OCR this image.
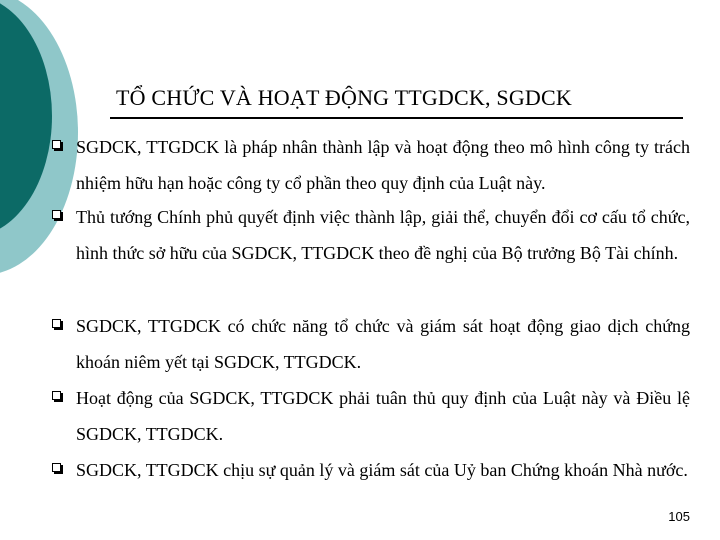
TỔ CHỨC VÀ HOẠT ĐỘNG TTGDCK, SGDCK
SGDCK, TTGDCK là pháp nhân thành lập và hoạt động theo mô hình công ty trách nhiệm hữu hạn hoặc công ty cổ phần theo quy định của Luật này.
Thủ tướng Chính phủ quyết định việc thành lập, giải thể, chuyển đổi cơ cấu tổ chức, hình thức sở hữu của SGDCK, TTGDCK theo đề nghị của Bộ trưởng Bộ Tài chính.
SGDCK, TTGDCK có chức năng tổ chức và giám sát hoạt động giao dịch chứng khoán niêm yết tại SGDCK, TTGDCK.
Hoạt động của SGDCK, TTGDCK phải tuân thủ quy định của Luật này và Điều lệ SGDCK, TTGDCK.
SGDCK, TTGDCK chịu sự quản lý và giám sát của Uỷ ban Chứng khoán Nhà nước.
105
